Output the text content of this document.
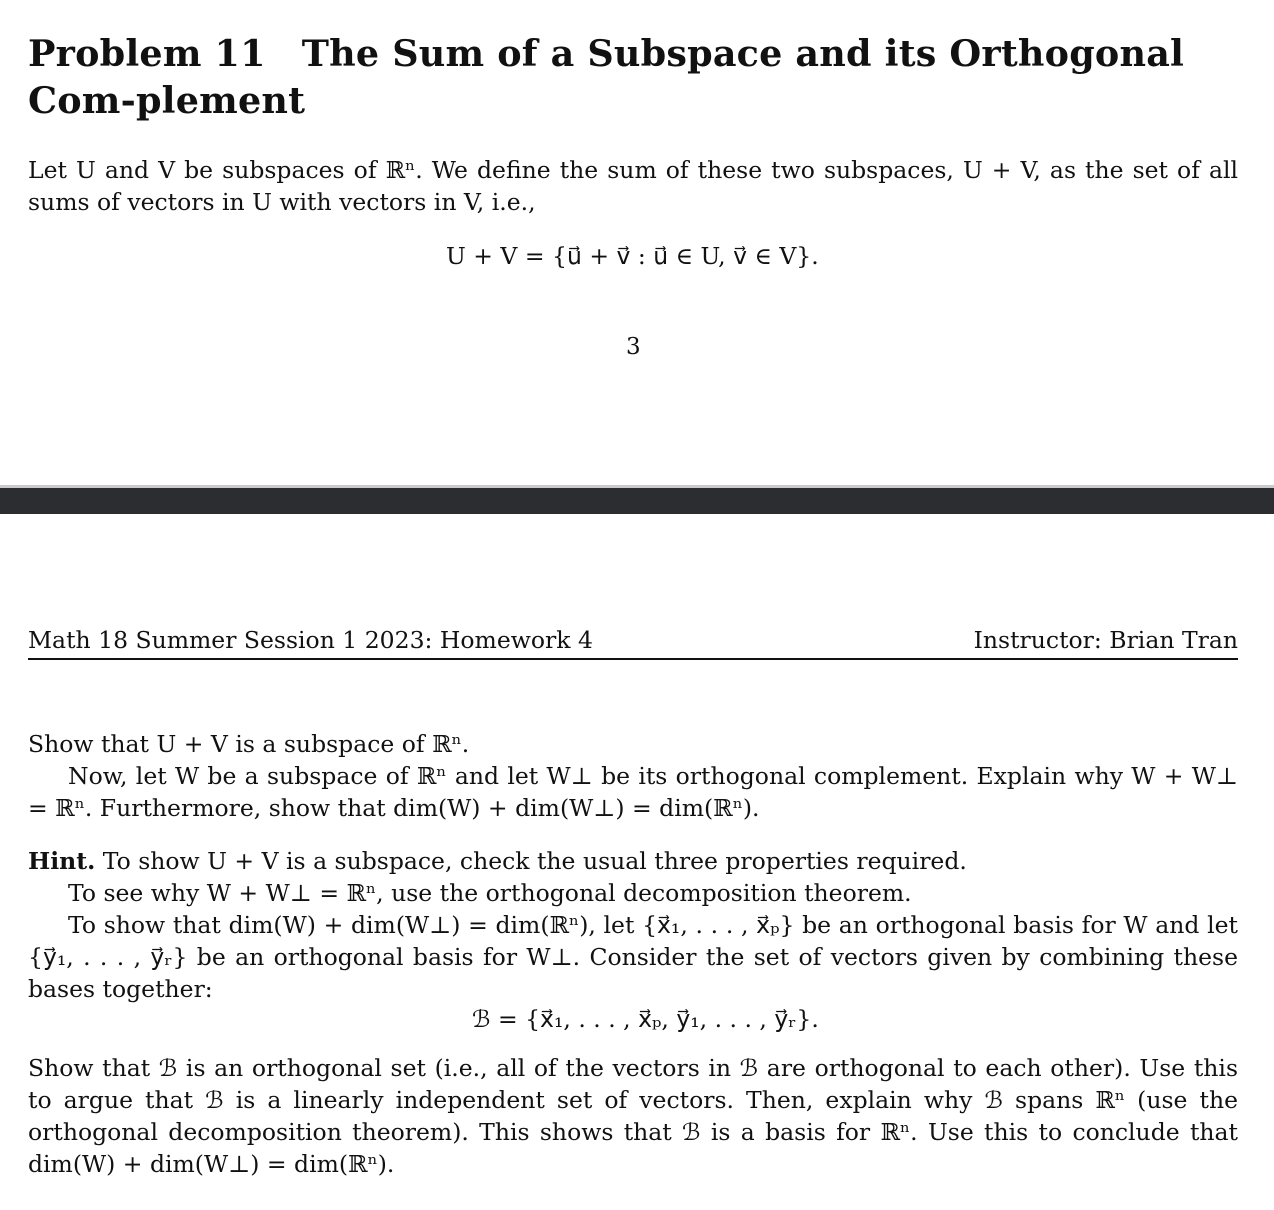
Problem 11 The Sum of a Subspace and its Orthogonal Com-plement
Let U and V be subspaces of ℝⁿ. We define the sum of these two subspaces, U + V, as the set of all sums of vectors in U with vectors in V, i.e.,
U + V = {u⃗ + v⃗ : u⃗ ∈ U, v⃗ ∈ V}.
3
Math 18 Summer Session 1 2023: Homework 4	Instructor: Brian Tran
Show that U + V is a subspace of ℝⁿ.
Now, let W be a subspace of ℝⁿ and let W⊥ be its orthogonal complement. Explain why W + W⊥ = ℝⁿ. Furthermore, show that dim(W) + dim(W⊥) = dim(ℝⁿ).
Hint. To show U + V is a subspace, check the usual three properties required.
To see why W + W⊥ = ℝⁿ, use the orthogonal decomposition theorem.
To show that dim(W) + dim(W⊥) = dim(ℝⁿ), let {x⃗₁, . . . , x⃗ₚ} be an orthogonal basis for W and let {y⃗₁, . . . , y⃗ᵣ} be an orthogonal basis for W⊥. Consider the set of vectors given by combining these bases together:
ℬ = {x⃗₁, . . . , x⃗ₚ, y⃗₁, . . . , y⃗ᵣ}.
Show that ℬ is an orthogonal set (i.e., all of the vectors in ℬ are orthogonal to each other). Use this to argue that ℬ is a linearly independent set of vectors. Then, explain why ℬ spans ℝⁿ (use the orthogonal decomposition theorem). This shows that ℬ is a basis for ℝⁿ. Use this to conclude that dim(W) + dim(W⊥) = dim(ℝⁿ).
